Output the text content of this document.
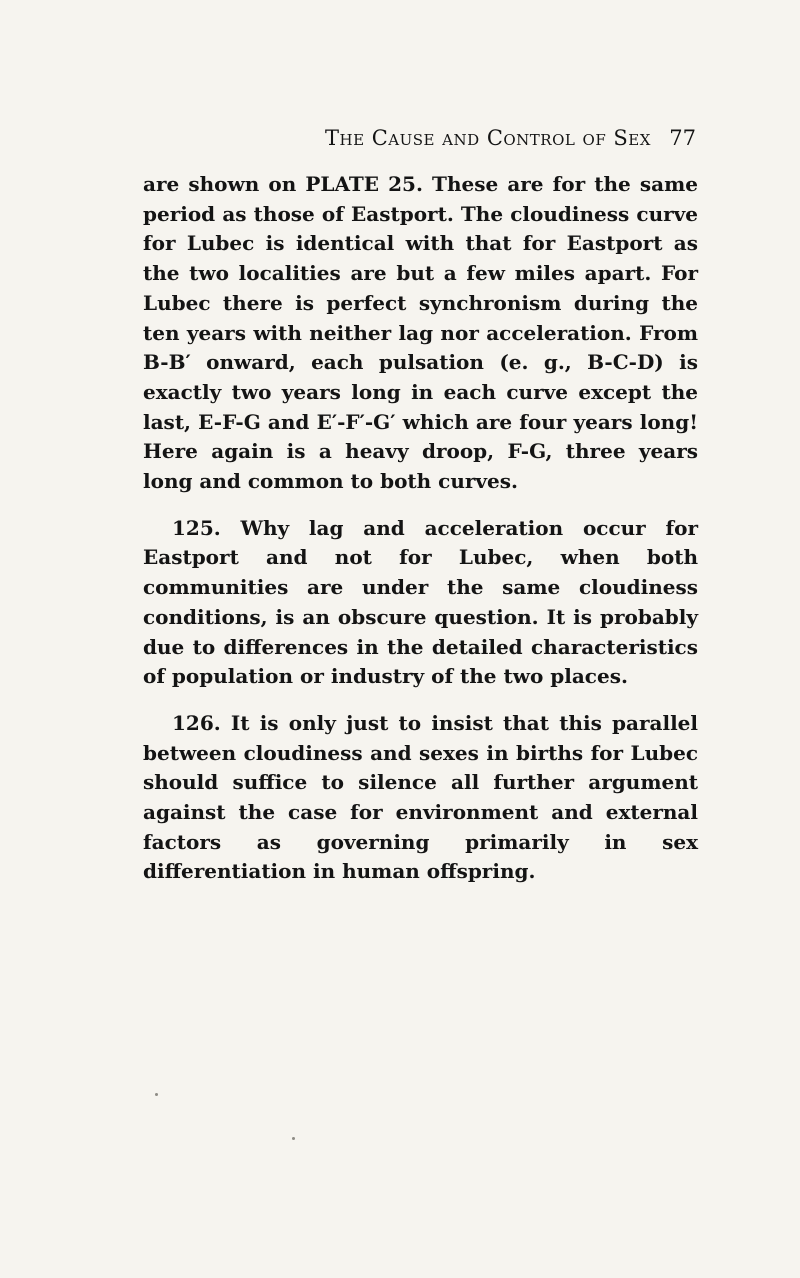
The Cause and Control of Sex 77

are shown on PLATE 25. These are for the same period as those of Eastport. The cloudiness curve for Lubec is identical with that for Eastport as the two localities are but a few miles apart. For Lubec there is perfect synchronism during the ten years with neither lag nor acceleration. From B-B′ onward, each pulsation (e. g., B-C-D) is exactly two years long in each curve except the last, E-F-G and E′-F′-G′ which are four years long! Here again is a heavy droop, F-G, three years long and common to both curves.

125. Why lag and acceleration occur for Eastport and not for Lubec, when both communities are under the same cloudiness conditions, is an obscure question. It is probably due to differences in the detailed characteristics of population or industry of the two places.

126. It is only just to insist that this parallel between cloudiness and sexes in births for Lubec should suffice to silence all further argument against the case for environment and external factors as governing primarily in sex differentiation in human offspring.
